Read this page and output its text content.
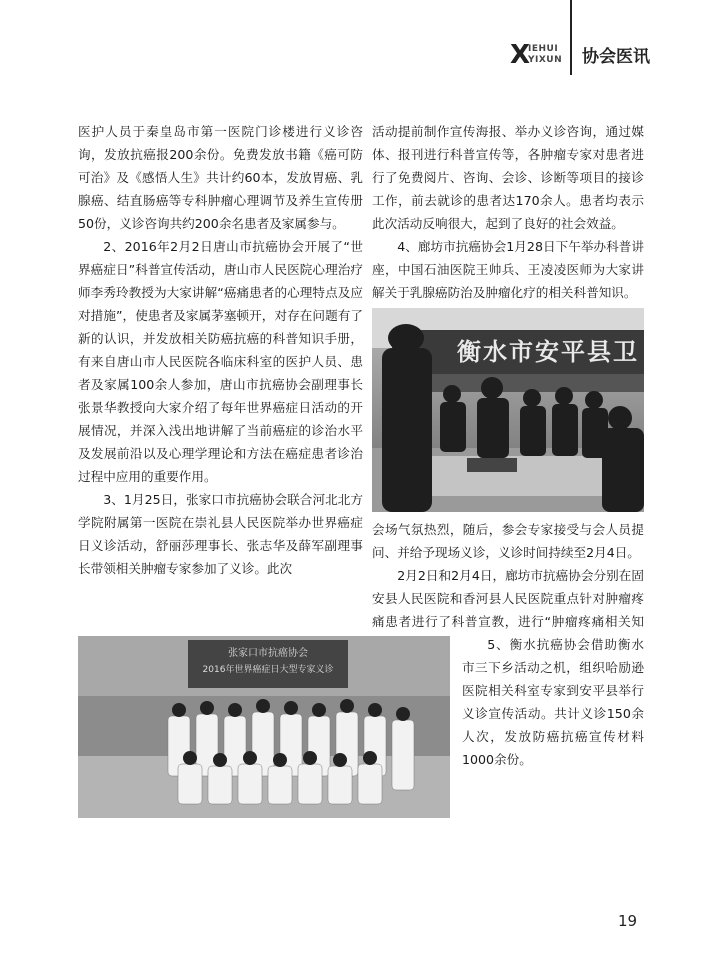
X
IEHUI
YIXUN 协会医讯

医护人员于秦皇岛市第一医院门诊楼进行义诊咨询，发放抗癌报200余份。免费发放书籍《癌可防可治》及《感悟人生》共计约60本，发放胃癌、乳腺癌、结直肠癌等专科肿瘤心理调节及养生宣传册50份，义诊咨询共约200余名患者及家属参与。

2、2016年2月2日唐山市抗癌协会开展了“世界癌症日”科普宣传活动，唐山市人民医院心理治疗师李秀玲教授为大家讲解“癌痛患者的心理特点及应对措施”，使患者及家属茅塞顿开，对存在问题有了新的认识，并发放相关防癌抗癌的科普知识手册，有来自唐山市人民医院各临床科室的医护人员、患者及家属100余人参加，唐山市抗癌协会副理事长张景华教授向大家介绍了每年世界癌症日活动的开展情况，并深入浅出地讲解了当前癌症的诊治水平及发展前沿以及心理学理论和方法在癌症患者诊治过程中应用的重要作用。

3、1月25日，张家口市抗癌协会联合河北北方学院附属第一医院在崇礼县人民医院举办世界癌症日义诊活动，舒丽莎理事长、张志华及薛军副理事长带领相关肿瘤专家参加了义诊。此次

活动提前制作宣传海报、举办义诊咨询，通过媒体、报刊进行科普宣传等，各肿瘤专家对患者进行了免费阅片、咨询、会诊、诊断等项目的接诊工作，前去就诊的患者达170余人。患者均表示此次活动反响很大，起到了良好的社会效益。

4、廊坊市抗癌协会1月28日下午举办科普讲座，中国石油医院王帅兵、王凌凌医师为大家讲解关于乳腺癌防治及肿瘤化疗的相关科普知识。

衡水市安平县卫

会场气氛热烈，随后，参会专家接受与会人员提问、并给予现场义诊，义诊时间持续至2月4日。

2月2日和2月4日，廊坊市抗癌协会分别在固安县人民医院和香河县人民医院重点针对肿瘤疼痛患者进行了科普宣教，进行“肿瘤疼痛相关知

5、衡水抗癌协会借助衡水市三下乡活动之机，组织哈励逊医院相关科室专家到安平县举行义诊宣传活动。共计义诊150余人次，发放防癌抗癌宣传材料1000余份。

张家口市抗癌协会
2016年世界癌症日大型专家义诊
19
